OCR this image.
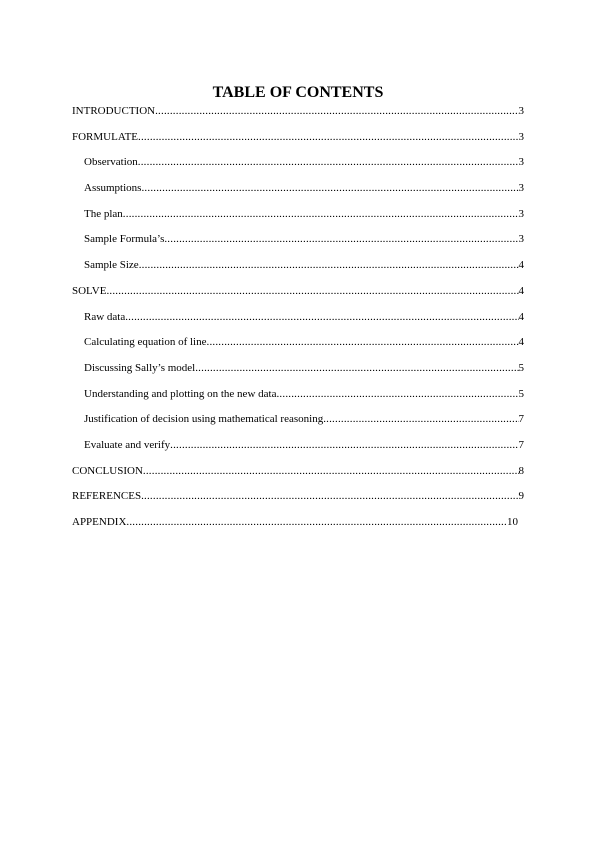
TABLE OF CONTENTS
INTRODUCTION .....	3
FORMULATE .....	3
Observation .....	3
Assumptions .....	3
The plan .....	3
Sample Formula’s .....	3
Sample Size .....	4
SOLVE .....	4
Raw data .....	4
Calculating equation of line .....	4
Discussing Sally’s model .....	5
Understanding and plotting on the new data .....	5
Justification of decision using mathematical reasoning .....	7
Evaluate and verify .....	7
CONCLUSION .....	8
REFERENCES .....	9
APPENDIX .....	10
